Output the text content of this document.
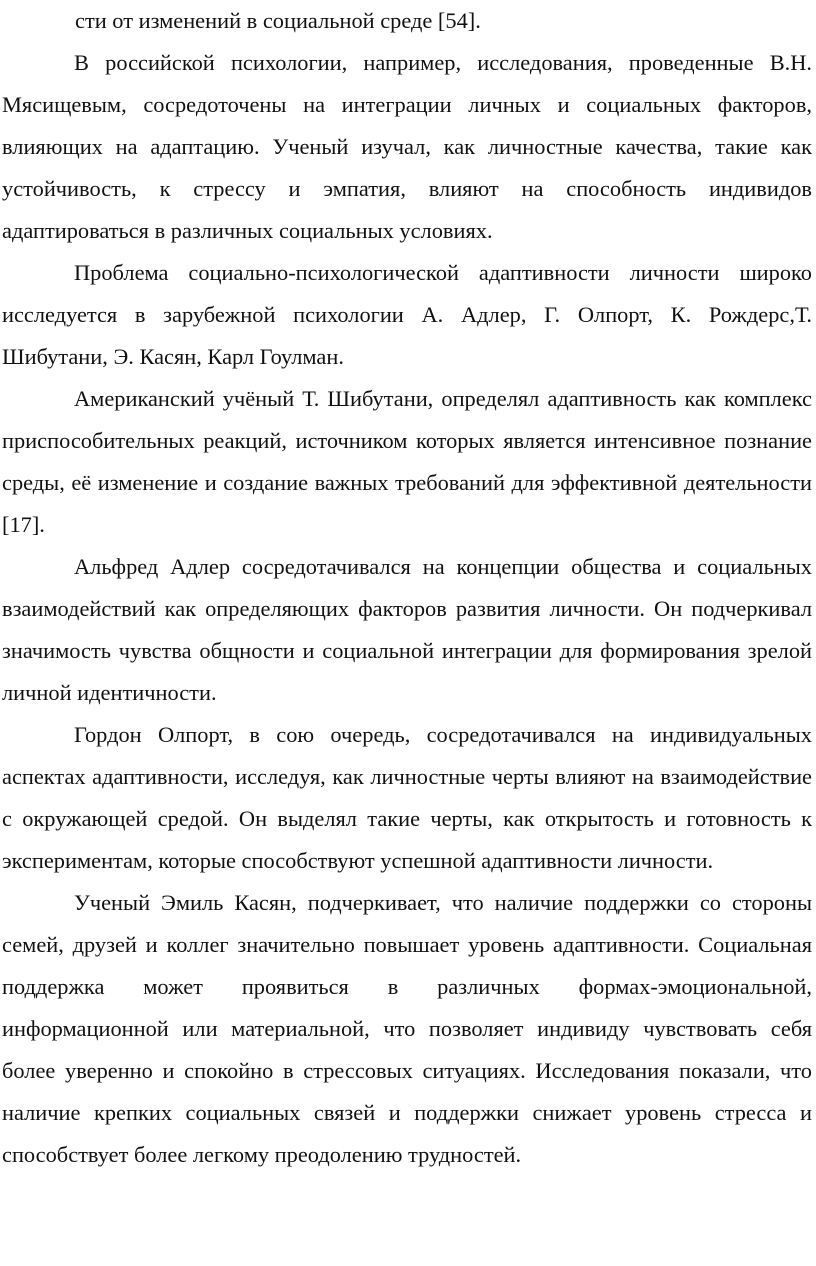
сти от изменений в социальной среде [54].

В российской психологии, например, исследования, проведенные В.Н. Мясищевым, сосредоточены на интеграции личных и социальных факторов, влияющих на адаптацию. Ученый изучал, как личностные качества, такие как устойчивость, к стрессу и эмпатия, влияют на способность индивидов адаптироваться в различных социальных условиях.

Проблема социально-психологической адаптивности личности широко исследуется в зарубежной психологии А. Адлер, Г. Олпорт, К. Рождерс,Т. Шибутани, Э. Касян, Карл Гоулман.

Американский учёный Т. Шибутани, определял адаптивность как комплекс приспособительных реакций, источником которых является интенсивное познание среды, её изменение и создание важных требований для эффективной деятельности [17].

Альфред Адлер сосредотачивался на концепции общества и социальных взаимодействий как определяющих факторов развития личности. Он подчеркивал значимость чувства общности и социальной интеграции для формирования зрелой личной идентичности.

Гордон Олпорт, в сою очередь, сосредотачивался на индивидуальных аспектах адаптивности, исследуя, как личностные черты влияют на взаимодействие с окружающей средой. Он выделял такие черты, как открытость и готовность к экспериментам, которые способствуют успешной адаптивности личности.

Ученый Эмиль Касян, подчеркивает, что наличие поддержки со стороны семей, друзей и коллег значительно повышает уровень адаптивности. Социальная поддержка может проявиться в различных формах-эмоциональной, информационной или материальной, что позволяет индивиду чувствовать себя более уверенно и спокойно в стрессовых ситуациях. Исследования показали, что наличие крепких социальных связей и поддержки снижает уровень стресса и способствует более легкому преодолению трудностей.
